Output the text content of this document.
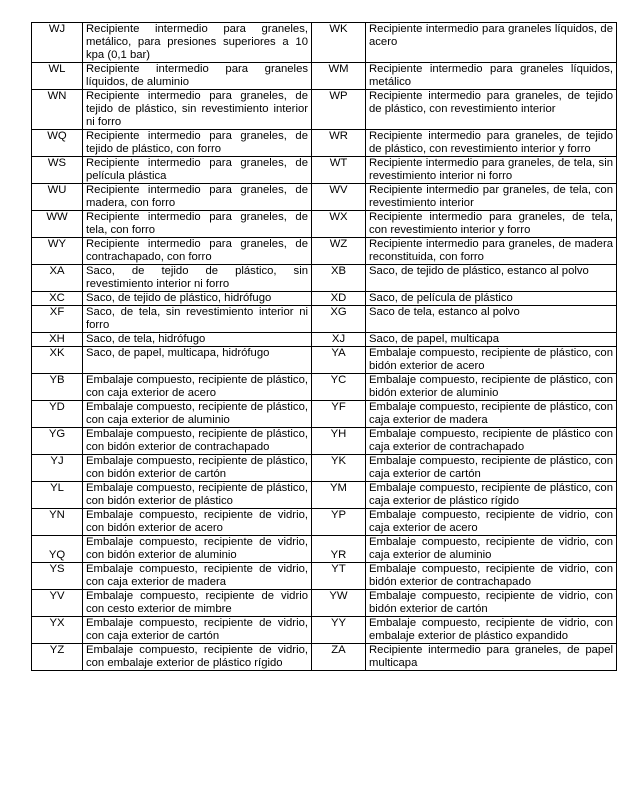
WJ	Recipiente intermedio para graneles, metálico, para presiones superiores a 10 kpa (0,1 bar)	WK	Recipiente intermedio para graneles líquidos, de acero
WL	Recipiente intermedio para graneles líquidos, de aluminio	WM	Recipiente intermedio para graneles líquidos, metálico
WN	Recipiente intermedio para graneles, de tejido de plástico, sin revestimiento interior ni forro	WP	Recipiente intermedio para graneles, de tejido de plástico, con revestimiento interior
WQ	Recipiente intermedio para graneles, de tejido de plástico, con forro	WR	Recipiente intermedio para graneles, de tejido de plástico, con revestimiento interior y forro
WS	Recipiente intermedio para graneles, de película plástica	WT	Recipiente intermedio para graneles, de tela, sin revestimiento interior ni forro
WU	Recipiente intermedio para graneles, de madera, con forro	WV	Recipiente intermedio par graneles, de tela, con revestimiento interior
WW	Recipiente intermedio para graneles, de tela, con forro	WX	Recipiente intermedio para graneles, de tela, con revestimiento interior y forro
WY	Recipiente intermedio para graneles, de contrachapado, con forro	WZ	Recipiente intermedio para graneles, de madera reconstituida, con forro
XA	Saco, de tejido de plástico, sin revestimiento interior ni forro	XB	Saco, de tejido de plástico, estanco al polvo
XC	Saco, de tejido de plástico, hidrófugo	XD	Saco, de película de plástico
XF	Saco, de tela, sin revestimiento interior ni forro	XG	Saco de tela, estanco al polvo
XH	Saco, de tela, hidrófugo	XJ	Saco, de papel, multicapa
XK	Saco, de papel, multicapa, hidrófugo	YA	Embalaje compuesto, recipiente de plástico, con bidón exterior de acero
YB	Embalaje compuesto, recipiente de plástico, con caja exterior de acero	YC	Embalaje compuesto, recipiente de plástico, con bidón exterior de aluminio
YD	Embalaje compuesto, recipiente de plástico, con caja exterior de aluminio	YF	Embalaje compuesto, recipiente de plástico, con caja exterior de madera
YG	Embalaje compuesto, recipiente de plástico, con bidón exterior de contrachapado	YH	Embalaje compuesto, recipiente de plástico con caja exterior de contrachapado
YJ	Embalaje compuesto, recipiente de plástico, con bidón exterior de cartón	YK	Embalaje compuesto, recipiente de plástico, con caja exterior de cartón
YL	Embalaje compuesto, recipiente de plástico, con bidón exterior de plástico	YM	Embalaje compuesto, recipiente de plástico, con caja exterior de plástico rígido
YN	Embalaje compuesto, recipiente de vidrio, con bidón exterior de acero	YP	Embalaje compuesto, recipiente de vidrio, con caja exterior de acero
YQ	Embalaje compuesto, recipiente de vidrio, con bidón exterior de aluminio	YR	Embalaje compuesto, recipiente de vidrio, con caja exterior de aluminio
YS	Embalaje compuesto, recipiente de vidrio, con caja exterior de madera	YT	Embalaje compuesto, recipiente de vidrio, con bidón exterior de contrachapado
YV	Embalaje compuesto, recipiente de vidrio con cesto exterior de mimbre	YW	Embalaje compuesto, recipiente de vidrio, con bidón exterior de cartón
YX	Embalaje compuesto, recipiente de vidrio, con caja exterior de cartón	YY	Embalaje compuesto, recipiente de vidrio, con embalaje exterior de plástico expandido
YZ	Embalaje compuesto, recipiente de vidrio, con embalaje exterior de plástico rígido	ZA	Recipiente intermedio para graneles, de papel multicapa
